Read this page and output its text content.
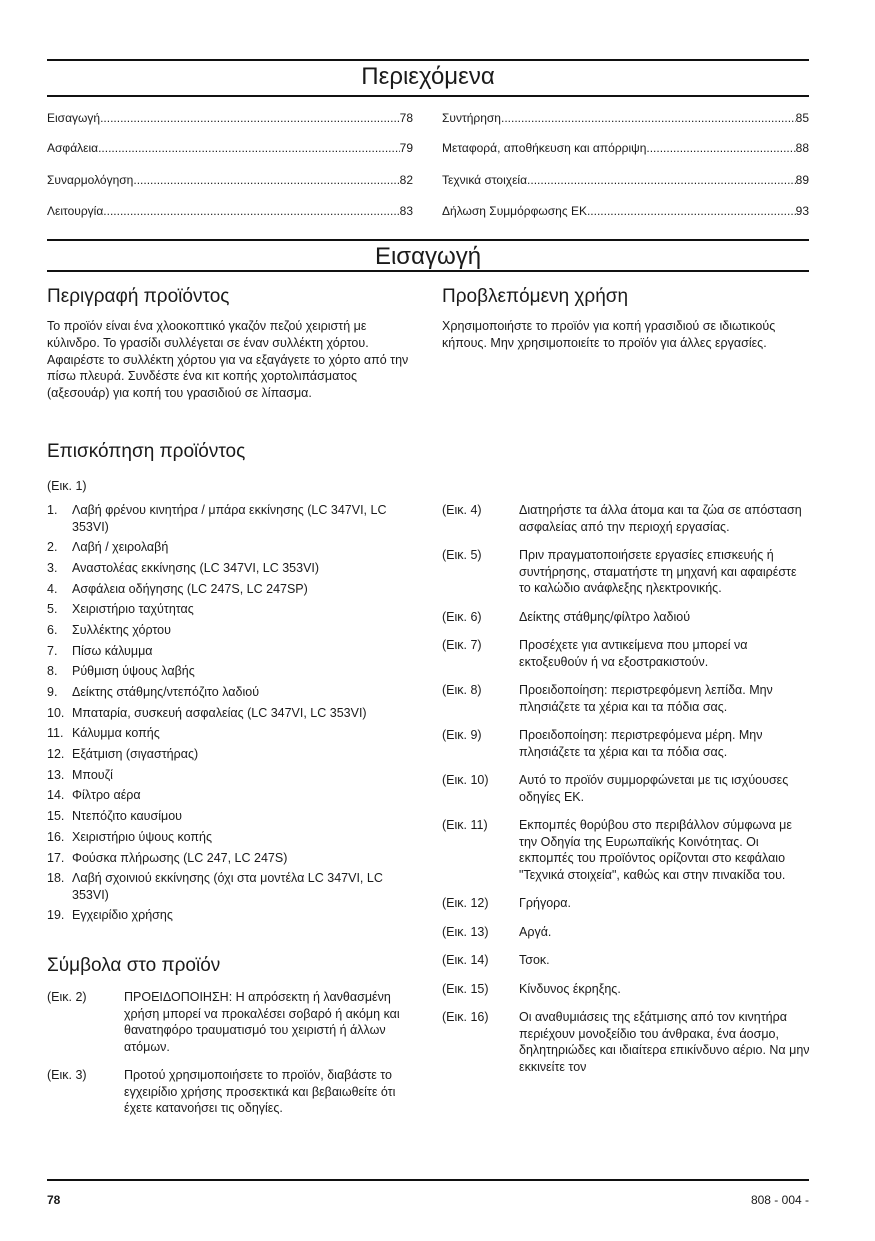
Περιεχόμενα
Εισαγωγή .....	78
Ασφάλεια .....	79
Συναρμολόγηση .....	82
Λειτουργία .....	83
Συντήρηση .....	85
Μεταφορά, αποθήκευση και απόρριψη .....	88
Τεχνικά στοιχεία .....	89
Δήλωση Συμμόρφωσης ΕΚ .....	93
Εισαγωγή
Περιγραφή προϊόντος

Το προϊόν είναι ένα χλοοκοπτικό γκαζόν πεζού χειριστή με κύλινδρο. Το γρασίδι συλλέγεται σε έναν συλλέκτη χόρτου. Αφαιρέστε το συλλέκτη χόρτου για να εξαγάγετε το χόρτο από την πίσω πλευρά. Συνδέστε ένα κιτ κοπής χορτολιπάσματος (αξεσουάρ) για κοπή του γρασιδιού σε λίπασμα.

Προβλεπόμενη χρήση

Χρησιμοποιήστε το προϊόν για κοπή γρασιδιού σε ιδιωτικούς κήπους. Μην χρησιμοποιείτε το προϊόν για άλλες εργασίες.

Επισκόπηση προϊόντος
(Εικ. 1)
1.	Λαβή φρένου κινητήρα / μπάρα εκκίνησης (LC 347VI, LC 353VI)
2.	Λαβή / χειρολαβή
3.	Αναστολέας εκκίνησης (LC 347VI, LC 353VI)
4.	Ασφάλεια οδήγησης (LC 247S, LC 247SP)
5.	Χειριστήριο ταχύτητας
6.	Συλλέκτης χόρτου
7.	Πίσω κάλυμμα
8.	Ρύθμιση ύψους λαβής
9.	Δείκτης στάθμης/ντεπόζιτο λαδιού
10. Μπαταρία, συσκευή ασφαλείας (LC 347VI, LC 353VI)
11. Κάλυμμα κοπής
12. Εξάτμιση (σιγαστήρας)
13. Μπουζί
14. Φίλτρο αέρα
15. Ντεπόζιτο καυσίμου
16. Χειριστήριο ύψους κοπής
17. Φούσκα πλήρωσης (LC 247, LC 247S)
18. Λαβή σχοινιού εκκίνησης (όχι στα μοντέλα LC 347VI, LC 353VI)
19. Εγχειρίδιο χρήσης
Σύμβολα στο προϊόν
(Εικ. 2)	ΠΡΟΕΙΔΟΠΟΙΗΣΗ: Η απρόσεκτη ή λανθασμένη χρήση μπορεί να προκαλέσει σοβαρό ή ακόμη και θανατηφόρο τραυματισμό του χειριστή ή άλλων ατόμων.
(Εικ. 3)	Προτού χρησιμοποιήσετε το προϊόν, διαβάστε το εγχειρίδιο χρήσης προσεκτικά και βεβαιωθείτε ότι έχετε κατανοήσει τις οδηγίες.
(Εικ. 4)	Διατηρήστε τα άλλα άτομα και τα ζώα σε απόσταση ασφαλείας από την περιοχή εργασίας.
(Εικ. 5)	Πριν πραγματοποιήσετε εργασίες επισκευής ή συντήρησης, σταματήστε τη μηχανή και αφαιρέστε το καλώδιο ανάφλεξης ηλεκτρονικής.
(Εικ. 6)	Δείκτης στάθμης/φίλτρο λαδιού
(Εικ. 7)	Προσέχετε για αντικείμενα που μπορεί να εκτοξευθούν ή να εξοστρακιστούν.
(Εικ. 8)	Προειδοποίηση: περιστρεφόμενη λεπίδα. Μην πλησιάζετε τα χέρια και τα πόδια σας.
(Εικ. 9)	Προειδοποίηση: περιστρεφόμενα μέρη. Μην πλησιάζετε τα χέρια και τα πόδια σας.
(Εικ. 10)	Αυτό το προϊόν συμμορφώνεται με τις ισχύουσες οδηγίες ΕΚ.
(Εικ. 11)	Εκπομπές θορύβου στο περιβάλλον σύμφωνα με την Οδηγία της Ευρωπαϊκής Κοινότητας. Οι εκπομπές του προϊόντος ορίζονται στο κεφάλαιο "Τεχνικά στοιχεία", καθώς και στην πινακίδα του.
(Εικ. 12)	Γρήγορα.
(Εικ. 13)	Αργά.
(Εικ. 14)	Τσοκ.
(Εικ. 15)	Κίνδυνος έκρηξης.
(Εικ. 16)	Οι αναθυμιάσεις της εξάτμισης από τον κινητήρα περιέχουν μονοξείδιο του άνθρακα, ένα άοσμο, δηλητηριώδες και ιδιαίτερα επικίνδυνο αέριο. Να μην εκκινείτε τον
78	808 - 004 -
